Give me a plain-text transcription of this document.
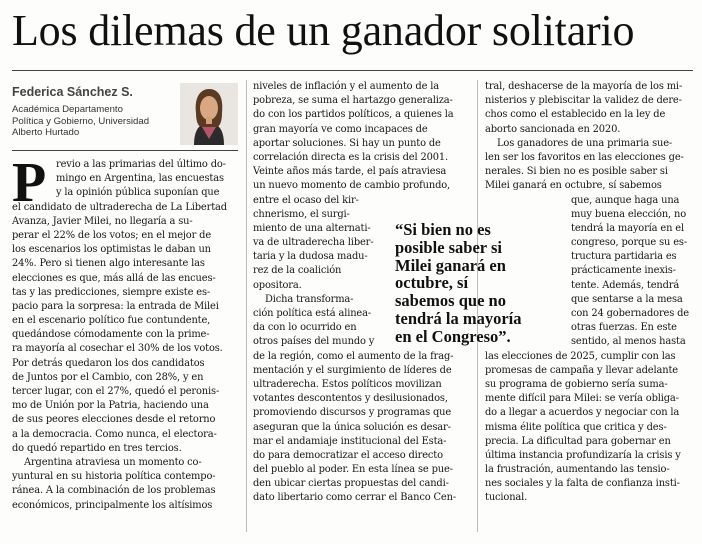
Los dilemas de un ganador solitario
Federica Sánchez S.
Académica Departamento
Política y Gobierno, Universidad
Alberto Hurtado
P revio a las primarias del último do-
mingo en Argentina, las encuestas
y la opinión pública suponían que
el candidato de ultraderecha de La Libertad
Avanza, Javier Milei, no llegaría a su-
perar el 22% de los votos; en el mejor de
los escenarios los optimistas le daban un
24%. Pero si tienen algo interesante las
elecciones es que, más allá de las encues-
tas y las predicciones, siempre existe es-
pacio para la sorpresa: la entrada de Milei
en el escenario político fue contundente,
quedándose cómodamente con la prime-
ra mayoría al cosechar el 30% de los votos.
Por detrás quedaron los dos candidatos
de Juntos por el Cambio, con 28%, y en
tercer lugar, con el 27%, quedó el peronis-
mo de Unión por la Patria, haciendo una
de sus peores elecciones desde el retorno
a la democracia. Como nunca, el electora-
do quedó repartido en tres tercios.
Argentina atraviesa un momento co-
yuntural en su historia política contempo-
ránea. A la combinación de los problemas
económicos, principalmente los altísimos
niveles de inflación y el aumento de la
pobreza, se suma el hartazgo generaliza-
do con los partidos políticos, a quienes la
gran mayoría ve como incapaces de
aportar soluciones. Si hay un punto de
correlación directa es la crisis del 2001.
Veinte años más tarde, el país atraviesa
un nuevo momento de cambio profundo,
entre el ocaso del kir-
chnerismo, el surgi-
miento de una alternati-
va de ultraderecha liber-
taria y la dudosa madu-
rez de la coalición
opositora.
Dicha transforma-
ción política está alinea-
da con lo ocurrido en
otros países del mundo y
de la región, como el aumento de la frag-
mentación y el surgimiento de líderes de
ultraderecha. Estos políticos movilizan
votantes descontentos y desilusionados,
promoviendo discursos y programas que
aseguran que la única solución es desar-
mar el andamiaje institucional del Esta-
do para democratizar el acceso directo
del pueblo al poder. En esta línea se pue-
den ubicar ciertas propuestas del candi-
dato libertario como cerrar el Banco Cen-
tral, deshacerse de la mayoría de los mi-
nisterios y plebiscitar la validez de dere-
chos como el establecido en la ley de
aborto sancionada en 2020.
Los ganadores de una primaria sue-
len ser los favoritos en las elecciones ge-
nerales. Si bien no es posible saber si
Milei ganará en octubre, sí sabemos
que, aunque haga una
muy buena elección, no
tendrá la mayoría en el
congreso, porque su es-
tructura partidaria es
prácticamente inexis-
tente. Además, tendrá
que sentarse a la mesa
con 24 gobernadores de
otras fuerzas. En este
sentido, al menos hasta
las elecciones de 2025, cumplir con las
promesas de campaña y llevar adelante
su programa de gobierno sería suma-
mente difícil para Milei: se vería obliga-
do a llegar a acuerdos y negociar con la
misma élite política que critica y des-
precia. La dificultad para gobernar en
última instancia profundizaría la crisis y
la frustración, aumentando las tensio-
nes sociales y la falta de confianza insti-
tucional.
“Si bien no es
posible saber si
Milei ganará en
octubre, sí
sabemos que no
tendrá la mayoría
en el Congreso”.
